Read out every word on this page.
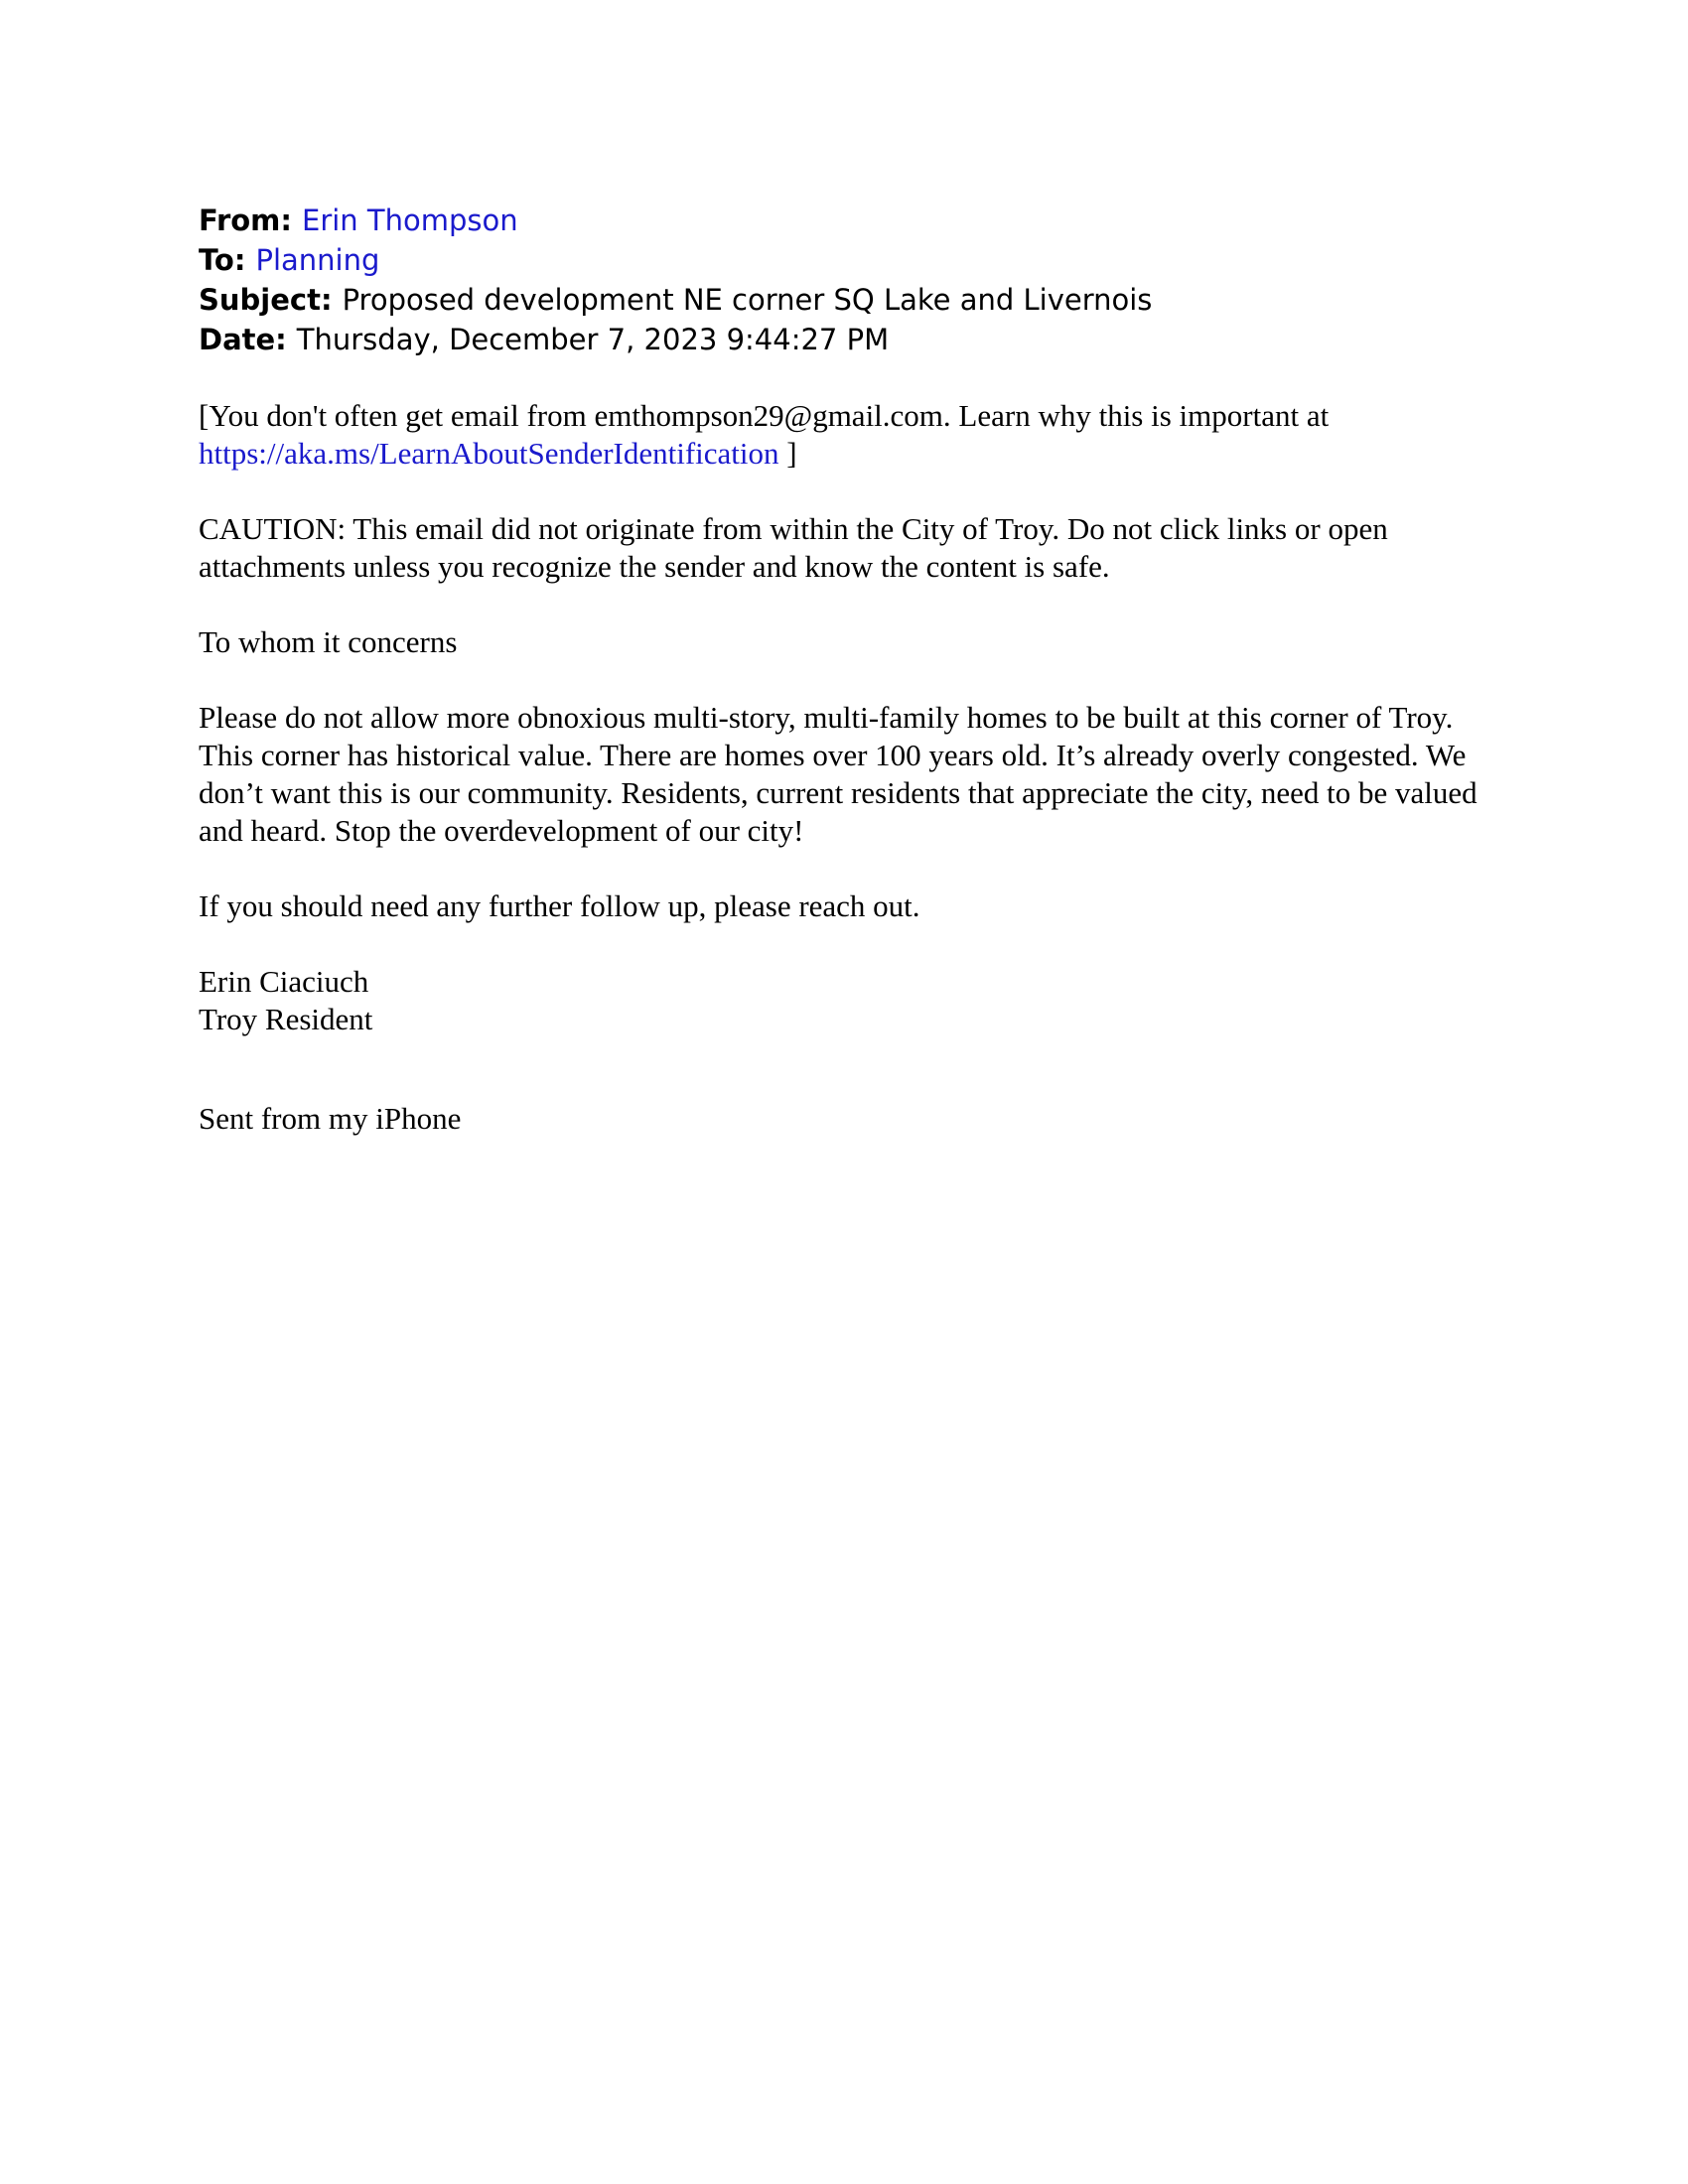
From: Erin Thompson
To: Planning
Subject: Proposed development NE corner SQ Lake and Livernois
Date: Thursday, December 7, 2023 9:44:27 PM
[You don't often get email from emthompson29@gmail.com. Learn why this is important at
https://aka.ms/LearnAboutSenderIdentification ]
CAUTION: This email did not originate from within the City of Troy. Do not click links or open attachments unless you recognize the sender and know the content is safe.
To whom it concerns
Please do not allow more obnoxious multi-story, multi-family homes to be built at this corner of Troy. This corner has historical value. There are homes over 100 years old. It’s already overly congested. We don’t want this is our community. Residents, current residents that appreciate the city, need to be valued and heard. Stop the overdevelopment of our city!
If you should need any further follow up, please reach out.
Erin Ciaciuch
Troy Resident
Sent from my iPhone
